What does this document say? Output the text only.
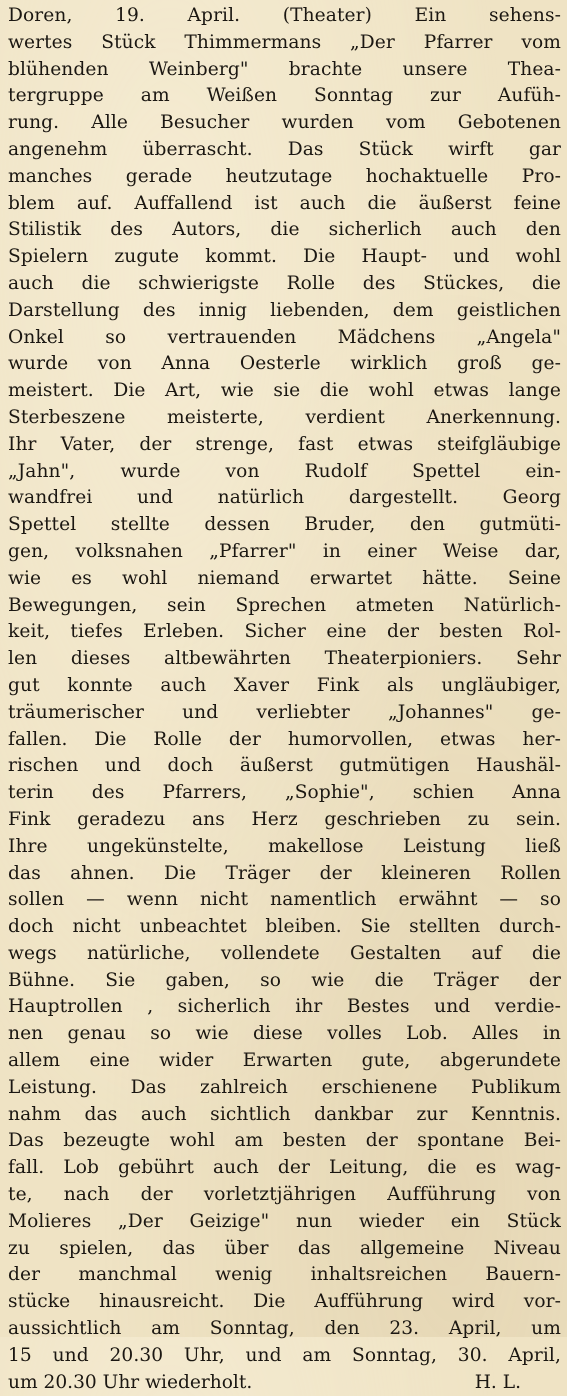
Doren, 19. April. (Theater) Ein sehens-
wertes Stück Thimmermans „Der Pfarrer vom
blühenden Weinberg" brachte unsere Thea-
tergruppe am Weißen Sonntag zur Aufüh-
rung. Alle Besucher wurden vom Gebotenen
angenehm überrascht. Das Stück wirft gar
manches gerade heutzutage hochaktuelle Pro-
blem auf. Auffallend ist auch die äußerst feine
Stilistik des Autors, die sicherlich auch den
Spielern zugute kommt. Die Haupt- und wohl
auch die schwierigste Rolle des Stückes, die
Darstellung des innig liebenden, dem geistlichen
Onkel so vertrauenden Mädchens „Angela"
wurde von Anna Oesterle wirklich groß ge-
meistert. Die Art, wie sie die wohl etwas lange
Sterbeszene meisterte, verdient Anerkennung.
Ihr Vater, der strenge, fast etwas steifgläubige
„Jahn", wurde von Rudolf Spettel ein-
wandfrei und natürlich dargestellt. Georg
Spettel stellte dessen Bruder, den gutmüti-
gen, volksnahen „Pfarrer" in einer Weise dar,
wie es wohl niemand erwartet hätte. Seine
Bewegungen, sein Sprechen atmeten Natürlich-
keit, tiefes Erleben. Sicher eine der besten Rol-
len dieses altbewährten Theaterpioniers. Sehr
gut konnte auch Xaver Fink als ungläubiger,
träumerischer und verliebter „Johannes" ge-
fallen. Die Rolle der humorvollen, etwas her-
rischen und doch äußerst gutmütigen Haushäl-
terin des Pfarrers, „Sophie", schien Anna
Fink geradezu ans Herz geschrieben zu sein.
Ihre ungekünstelte, makellose Leistung ließ
das ahnen. Die Träger der kleineren Rollen
sollen — wenn nicht namentlich erwähnt — so
doch nicht unbeachtet bleiben. Sie stellten durch-
wegs natürliche, vollendete Gestalten auf die
Bühne. Sie gaben, so wie die Träger der
Hauptrollen , sicherlich ihr Bestes und verdie-
nen genau so wie diese volles Lob. Alles in
allem eine wider Erwarten gute, abgerundete
Leistung. Das zahlreich erschienene Publikum
nahm das auch sichtlich dankbar zur Kenntnis.
Das bezeugte wohl am besten der spontane Bei-
fall. Lob gebührt auch der Leitung, die es wag-
te, nach der vorletztjährigen Aufführung von
Molieres „Der Geizige" nun wieder ein Stück
zu spielen, das über das allgemeine Niveau
der manchmal wenig inhaltsreichen Bauern-
stücke hinausreicht. Die Aufführung wird vor-
aussichtlich am Sonntag, den 23. April, um
15 und 20.30 Uhr, und am Sonntag, 30. April,
um 20.30 Uhr wiederholt.	H. L.
